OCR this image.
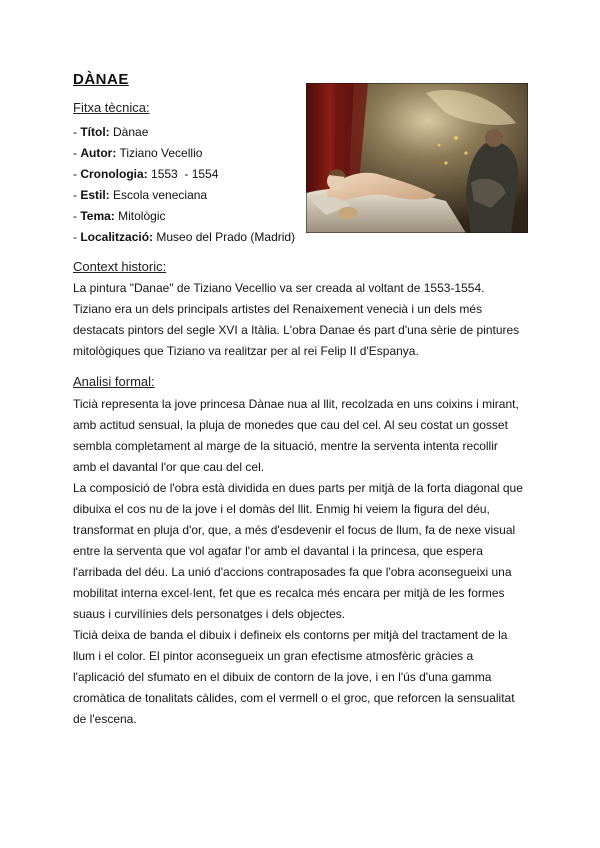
DÀNAE
Fitxa tècnica:
- Títol: Dànae
- Autor: Tiziano Vecellio
- Cronologia: 1553  - 1554
- Estil: Escola veneciana
- Tema: Mitològic
- Localització: Museo del Prado (Madrid)
Context historic:
La pintura "Danae" de Tiziano Vecellio va ser creada al voltant de 1553-1554.
Tiziano era un dels principals artistes del Renaixement venecià i un dels més
destacats pintors del segle XVI a Itàlia. L'obra Danae és part d'una sèrie de pintures
mitològiques que Tiziano va realitzar per al rei Felip II d'Espanya.
Analisi formal:
Ticià representa la jove princesa Dànae nua al llit, recolzada en uns coixins i mirant,
amb actitud sensual, la pluja de monedes que cau del cel. Al seu costat un gosset
sembla completament al marge de la situació, mentre la serventa intenta recollir
amb el davantal l'or que cau del cel.
La composició de l'obra està dividida en dues parts per mitjà de la forta diagonal que
dibuixa el cos nu de la jove i el domàs del llit. Enmig hi veiem la figura del déu,
transformat en pluja d'or, que, a més d'esdevenir el focus de llum, fa de nexe visual
entre la serventa que vol agafar l'or amb el davantal i la princesa, que espera
l'arribada del déu. La unió d'accions contraposades fa que l'obra aconsegueixi una
mobilitat interna excel·lent, fet que es recalca més encara per mitjà de les formes
suaus i curvilínies dels personatges i dels objectes.
Ticià deixa de banda el dibuix i defineix els contorns per mitjà del tractament de la
llum i el color. El pintor aconsegueix un gran efectisme atmosfèric gràcies a
l'aplicació del sfumato en el dibuix de contorn de la jove, i en l'ús d'una gamma
cromàtica de tonalitats càlides, com el vermell o el groc, que reforcen la sensualitat
de l'escena.
